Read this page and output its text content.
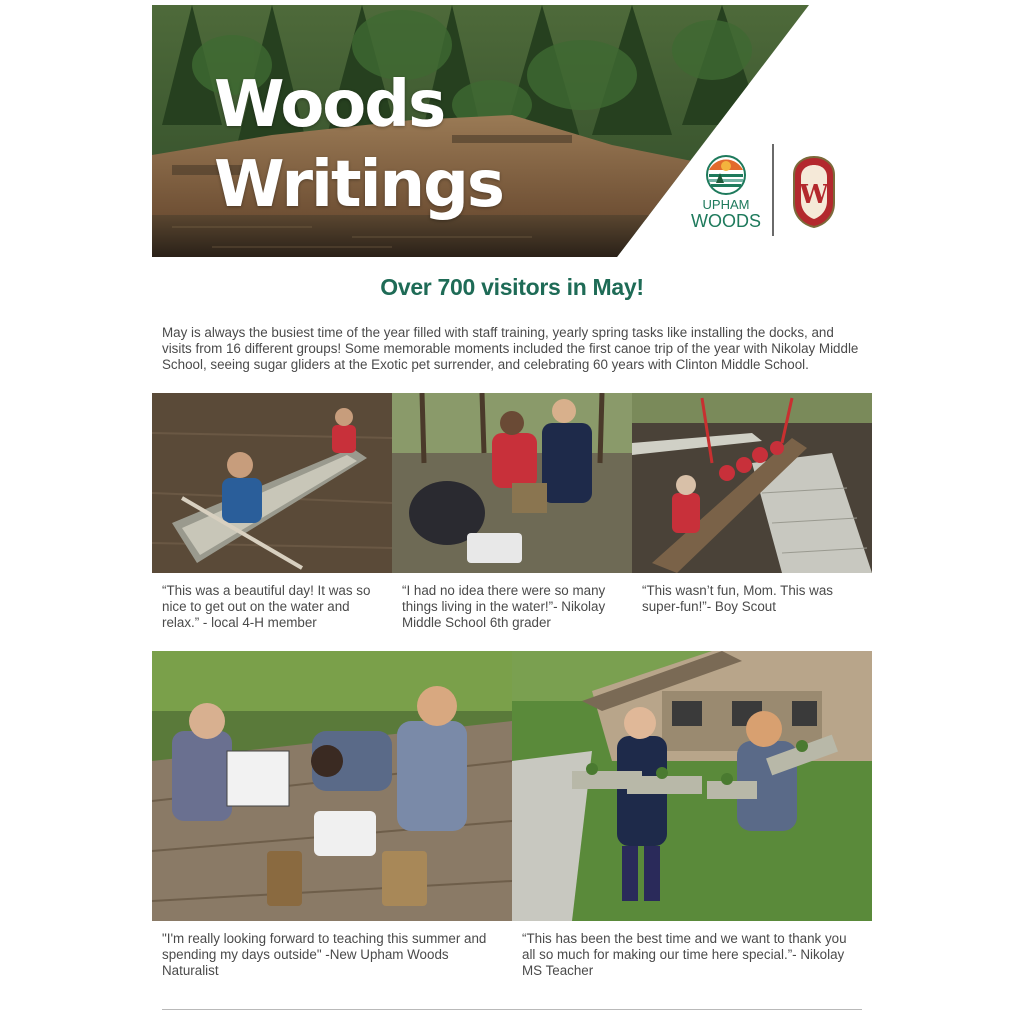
Woods
Writings	UPHAM
WOODS
W
Over 700 visitors in May!

May is always the busiest time of the year filled with staff training, yearly spring tasks like installing the docks, and visits from 16 different groups! Some memorable moments included the first canoe trip of the year with Nikolay Middle School, seeing sugar gliders at the Exotic pet surrender, and celebrating 60 years with Clinton Middle School.

“This was a beautiful day! It was so nice to get out on the water and relax.” - local 4-H member

“I had no idea there were so many things living in the water!”- Nikolay Middle School 6th grader

“This wasn’t fun, Mom. This was super-fun!”- Boy Scout

"I'm really looking forward to teaching this summer and spending my days outside" -New Upham Woods Naturalist

“This has been the best time and we want to thank you all so much for making our time here special.”- Nikolay MS Teacher
